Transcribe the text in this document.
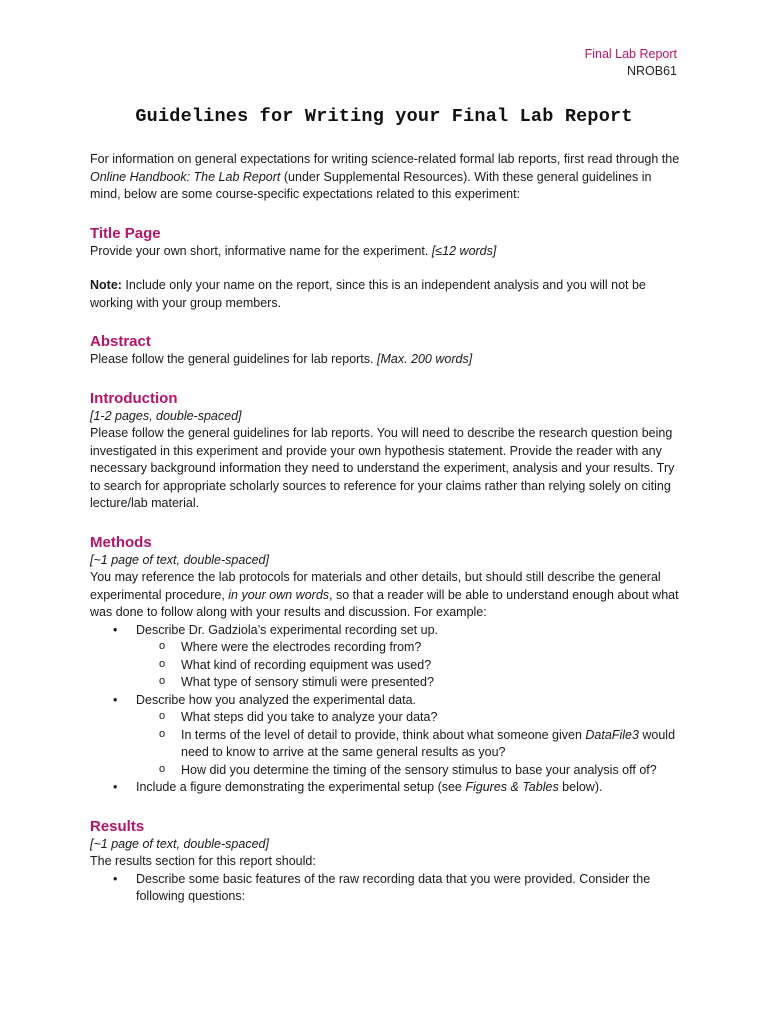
Final Lab Report
NROB61
Guidelines for Writing your Final Lab Report

For information on general expectations for writing science-related formal lab reports, first read through the Online Handbook: The Lab Report (under Supplemental Resources). With these general guidelines in mind, below are some course-specific expectations related to this experiment:

Title Page

Provide your own short, informative name for the experiment. [≤12 words]

Note: Include only your name on the report, since this is an independent analysis and you will not be working with your group members.

Abstract

Please follow the general guidelines for lab reports. [Max. 200 words]

Introduction

[1-2 pages, double-spaced]

Please follow the general guidelines for lab reports. You will need to describe the research question being investigated in this experiment and provide your own hypothesis statement. Provide the reader with any necessary background information they need to understand the experiment, analysis and your results. Try to search for appropriate scholarly sources to reference for your claims rather than relying solely on citing lecture/lab material.

Methods

[~1 page of text, double-spaced]

You may reference the lab protocols for materials and other details, but should still describe the general experimental procedure, in your own words, so that a reader will be able to understand enough about what was done to follow along with your results and discussion. For example:

• Describe Dr. Gadziola’s experimental recording set up.
o Where were the electrodes recording from?
o What kind of recording equipment was used?
o What type of sensory stimuli were presented?
• Describe how you analyzed the experimental data.
o What steps did you take to analyze your data?
o In terms of the level of detail to provide, think about what someone given DataFile3 would need to know to arrive at the same general results as you?
o How did you determine the timing of the sensory stimulus to base your analysis off of?
• Include a figure demonstrating the experimental setup (see Figures & Tables below).
Results

[~1 page of text, double-spaced]

The results section for this report should:

• Describe some basic features of the raw recording data that you were provided. Consider the following questions:
